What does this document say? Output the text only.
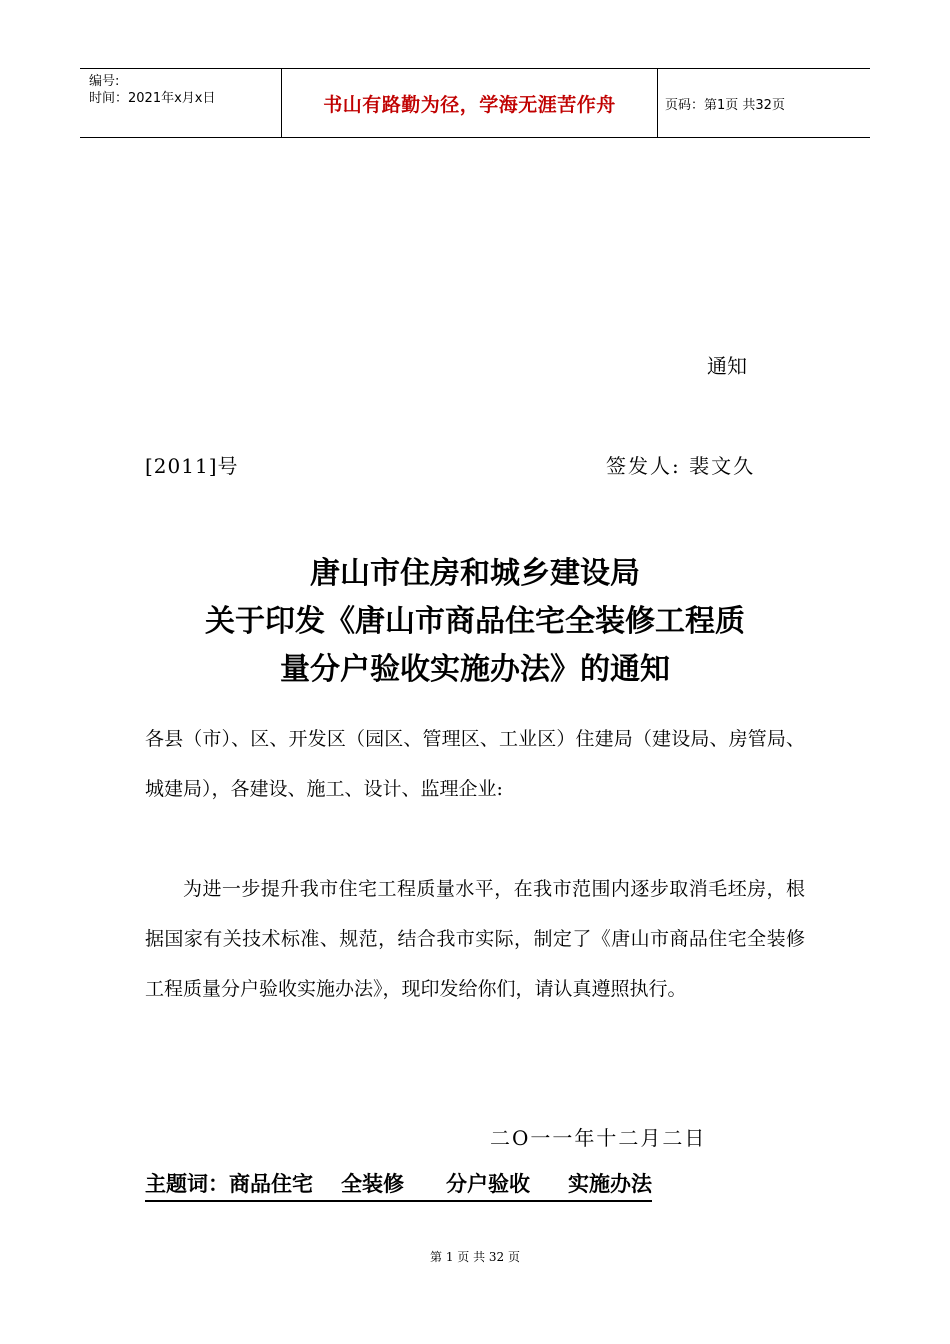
编号:
时间：2021年x月x日	书山有路勤为径，学海无涯苦作舟	页码：第1页 共32页
通知
[2011]号	签发人: 裴文久
唐山市住房和城乡建设局
关于印发《唐山市商品住宅全装修工程质
量分户验收实施办法》的通知
各县（市）、区、开发区（园区、管理区、工业区）住建局（建设局、房管局、城建局），各建设、施工、设计、监理企业:
为进一步提升我市住宅工程质量水平，在我市范围内逐步取消毛坯房，根据国家有关技术标准、规范，结合我市实际，制定了《唐山市商品住宅全装修工程质量分户验收实施办法》，现印发给你们，请认真遵照执行。
二O一一年十二月二日
主题词： 商品住宅 全装修 分户验收 实施办法
第 1 页 共 32 页
